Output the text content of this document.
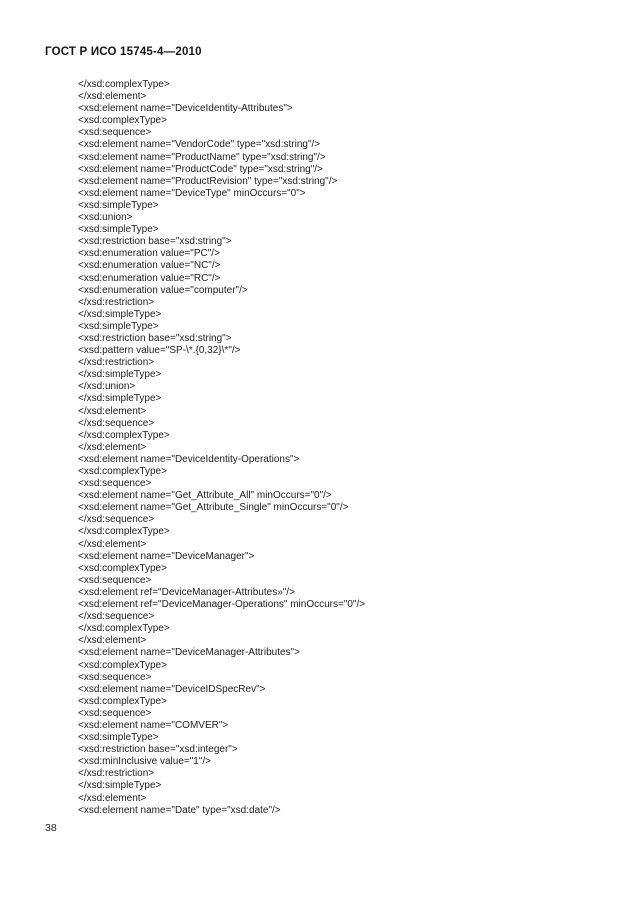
ГОСТ Р ИСО 15745-4—2010
</xsd:complexType>
</xsd:element>
<xsd:element name="DeviceIdentity-Attributes">
<xsd:complexType>
<xsd:sequence>
<xsd:element name="VendorCode" type="xsd:string"/>
<xsd:element name="ProductName" type="xsd:string"/>
<xsd:element name="ProductCode" type="xsd:string"/>
<xsd:element name="ProductRevision" type="xsd:string"/>
<xsd:element name="DeviceType" minOccurs="0">
<xsd:simpleType>
<xsd:union>
<xsd:simpleType>
<xsd:restriction base="xsd:string">
<xsd:enumeration value="PC"/>
<xsd:enumeration value="NC"/>
<xsd:enumeration value="RC"/>
<xsd:enumeration value="computer"/>
</xsd:restriction>
</xsd:simpleType>
<xsd:simpleType>
<xsd:restriction base="xsd:string">
<xsd:pattern value="SP-\*.{0,32}\*"/>
</xsd:restriction>
</xsd:simpleType>
</xsd:union>
</xsd:simpleType>
</xsd:element>
</xsd:sequence>
</xsd:complexType>
</xsd:element>
<xsd:element name="DeviceIdentity-Operations">
<xsd:complexType>
<xsd:sequence>
<xsd:element name="Get_Attribute_All" minOccurs="0"/>
<xsd:element name="Get_Attribute_Single" minOccurs="0"/>
</xsd:sequence>
</xsd:complexType>
</xsd:element>
<xsd:element name="DeviceManager">
<xsd:complexType>
<xsd:sequence>
<xsd:element ref="DeviceManager-Attributes»"/>
<xsd:element ref="DeviceManager-Operations" minOccurs="0"/>
</xsd:sequence>
</xsd:complexType>
</xsd:element>
<xsd:element name="DeviceManager-Attributes">
<xsd:complexType>
<xsd:sequence>
<xsd:element name="DeviceIDSpecRev">
<xsd:complexType>
<xsd:sequence>
<xsd:element name="COMVER">
<xsd:simpleType>
<xsd:restriction base="xsd:integer">
<xsd:minInclusive value="1"/>
</xsd:restriction>
</xsd:simpleType>
</xsd:element>
<xsd:element name="Date" type="xsd:date"/>
38
